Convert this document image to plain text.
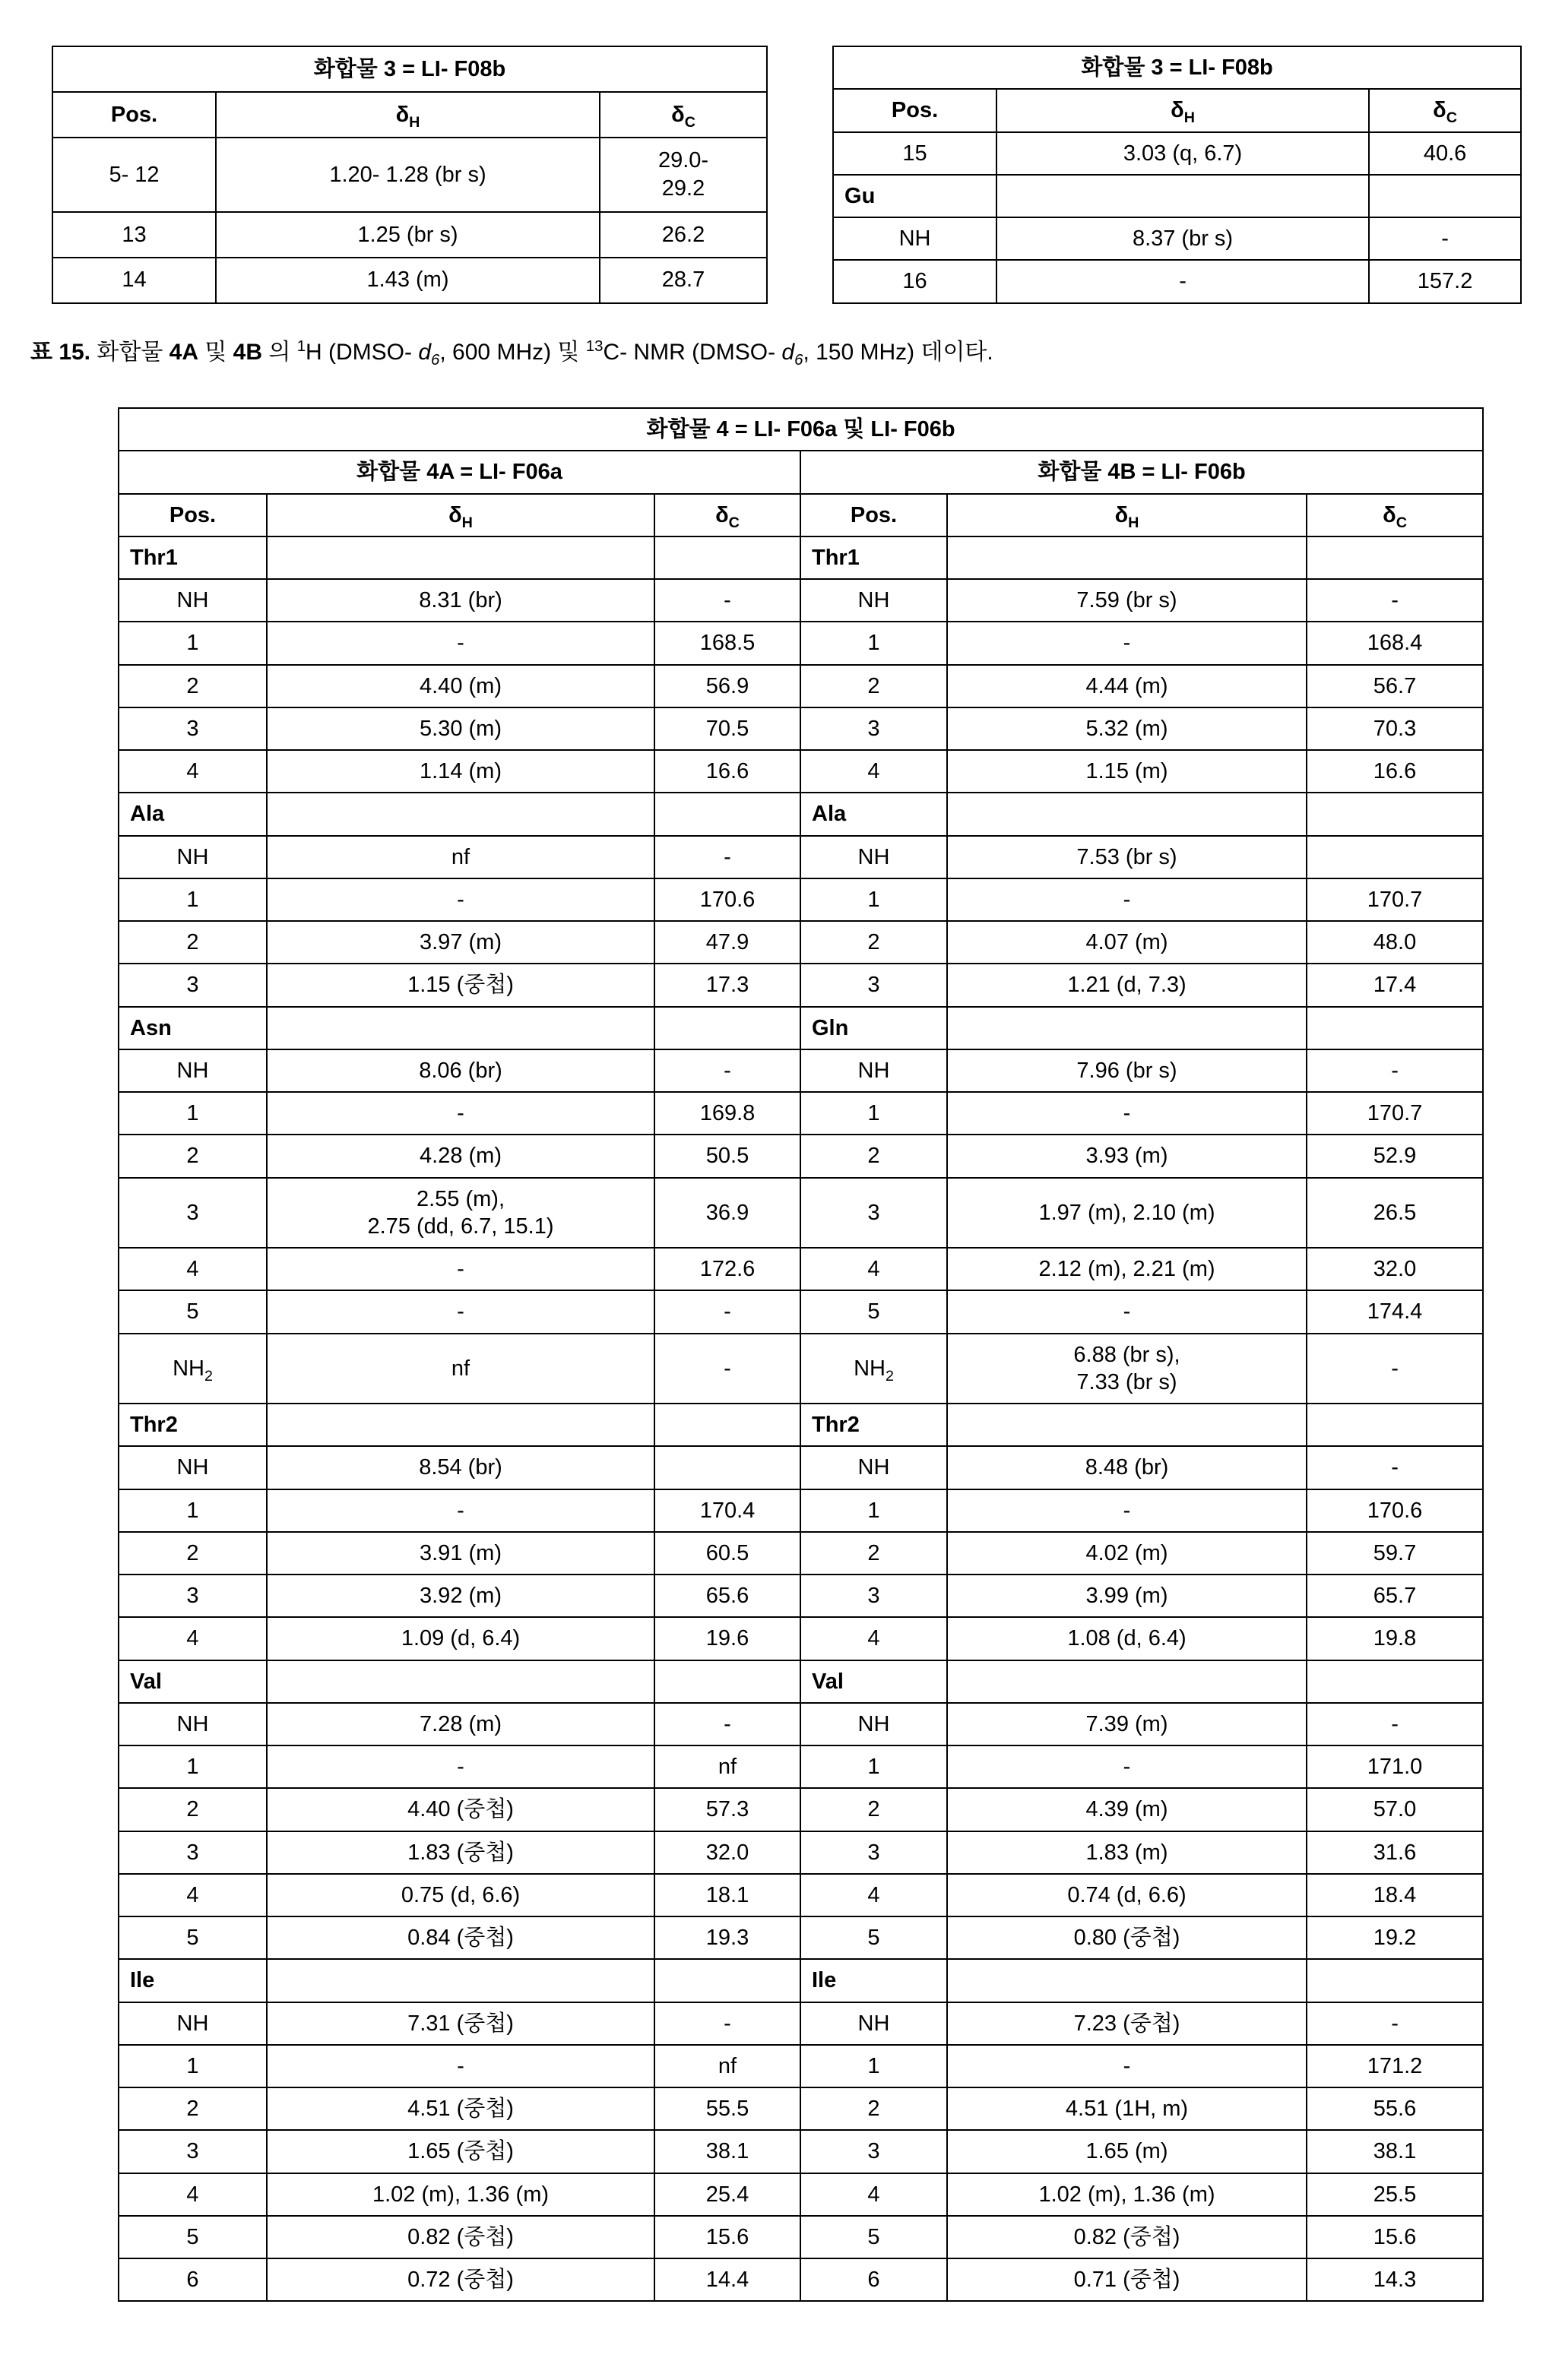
화합물 3 = LI- F08b		
Pos.	$\delta_H$	$\delta_C$
5- 12	1.20- 1.28 (br s)	29.0-
29.2
13	1.25 (br s)	26.2
14	1.43 (m)	28.7
화합물 3 = LI- F08b		
Pos.	$\delta_H$	$\delta_C$
15	3.03 (q, 6.7)	40.6
Gu		
NH	8.37 (br s)	-
16	-	157.2

표 15. 화합물 4A 및 4B 의 $^1$H (DMSO- $d_6$, 600 MHz) 및 $^{13}$C- NMR (DMSO- $d_6$, 150 MHz) 데이타.

화합물 4 = LI- F06a 및 LI- F06b					
화합물 4A = LI- F06a			화합물 4B = LI- F06b		
Pos.	$\delta_H$	$\delta_C$	Pos.	$\delta_H$	$\delta_C$
Thr1			Thr1		
NH	8.31 (br)	-	NH	7.59 (br s)	-
1	-	168.5	1	-	168.4
2	4.40 (m)	56.9	2	4.44 (m)	56.7
3	5.30 (m)	70.5	3	5.32 (m)	70.3
4	1.14 (m)	16.6	4	1.15 (m)	16.6
Ala			Ala		
NH	nf	-	NH	7.53 (br s)	
1	-	170.6	1	-	170.7
2	3.97 (m)	47.9	2	4.07 (m)	48.0
3	1.15 (중첩)	17.3	3	1.21 (d, 7.3)	17.4
Asn			Gln		
NH	8.06 (br)	-	NH	7.96 (br s)	-
1	-	169.8	1	-	170.7
2	4.28 (m)	50.5	2	3.93 (m)	52.9
3	2.55 (m),
2.75 (dd, 6.7, 15.1)	36.9	3	1.97 (m), 2.10 (m)	26.5
4	-	172.6	4	2.12 (m), 2.21 (m)	32.0
5	-	-	5	-	174.4
$NH_2$	nf	-	$NH_2$	6.88 (br s),
7.33 (br s)	-
Thr2			Thr2		
NH	8.54 (br)		NH	8.48 (br)	-
1	-	170.4	1	-	170.6
2	3.91 (m)	60.5	2	4.02 (m)	59.7
3	3.92 (m)	65.6	3	3.99 (m)	65.7
4	1.09 (d, 6.4)	19.6	4	1.08 (d, 6.4)	19.8
Val			Val		
NH	7.28 (m)	-	NH	7.39 (m)	-
1	-	nf	1	-	171.0
2	4.40 (중첩)	57.3	2	4.39 (m)	57.0
3	1.83 (중첩)	32.0	3	1.83 (m)	31.6
4	0.75 (d, 6.6)	18.1	4	0.74 (d, 6.6)	18.4
5	0.84 (중첩)	19.3	5	0.80 (중첩)	19.2
Ile			Ile		
NH	7.31 (중첩)	-	NH	7.23 (중첩)	-
1	-	nf	1	-	171.2
2	4.51 (중첩)	55.5	2	4.51 (1H, m)	55.6
3	1.65 (중첩)	38.1	3	1.65 (m)	38.1
4	1.02 (m), 1.36 (m)	25.4	4	1.02 (m), 1.36 (m)	25.5
5	0.82 (중첩)	15.6	5	0.82 (중첩)	15.6
6	0.72 (중첩)	14.4	6	0.71 (중첩)	14.3
